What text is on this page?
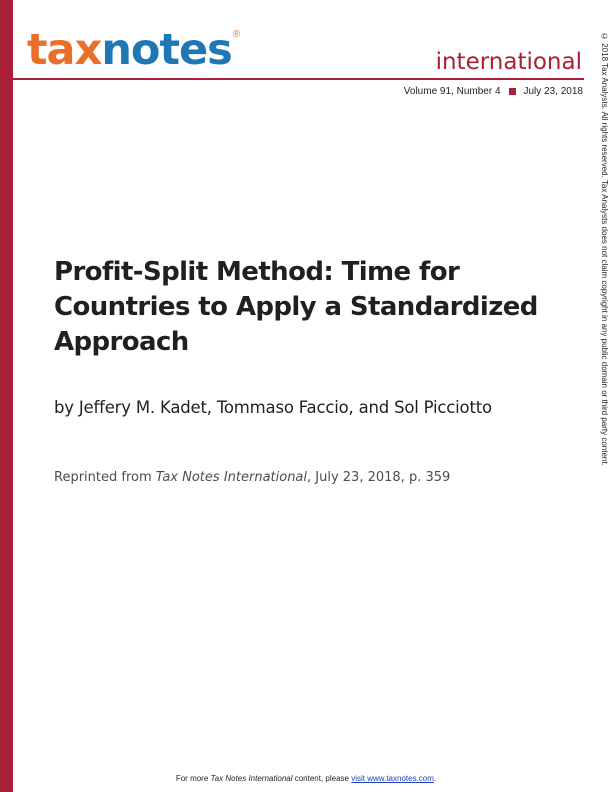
taxnotes ®
international
Volume 91, Number 4 July 23, 2018 © 2018 Tax Analysts. All rights reserved. Tax Analysts does not claim copyright in any public domain or third party content.
Profit-Split Method: Time for Countries to Apply a Standardized Approach

by Jeffery M. Kadet, Tommaso Faccio, and Sol Picciotto

Reprinted from Tax Notes International, July 23, 2018, p. 359

For more Tax Notes International content, please visit www.taxnotes.com.
